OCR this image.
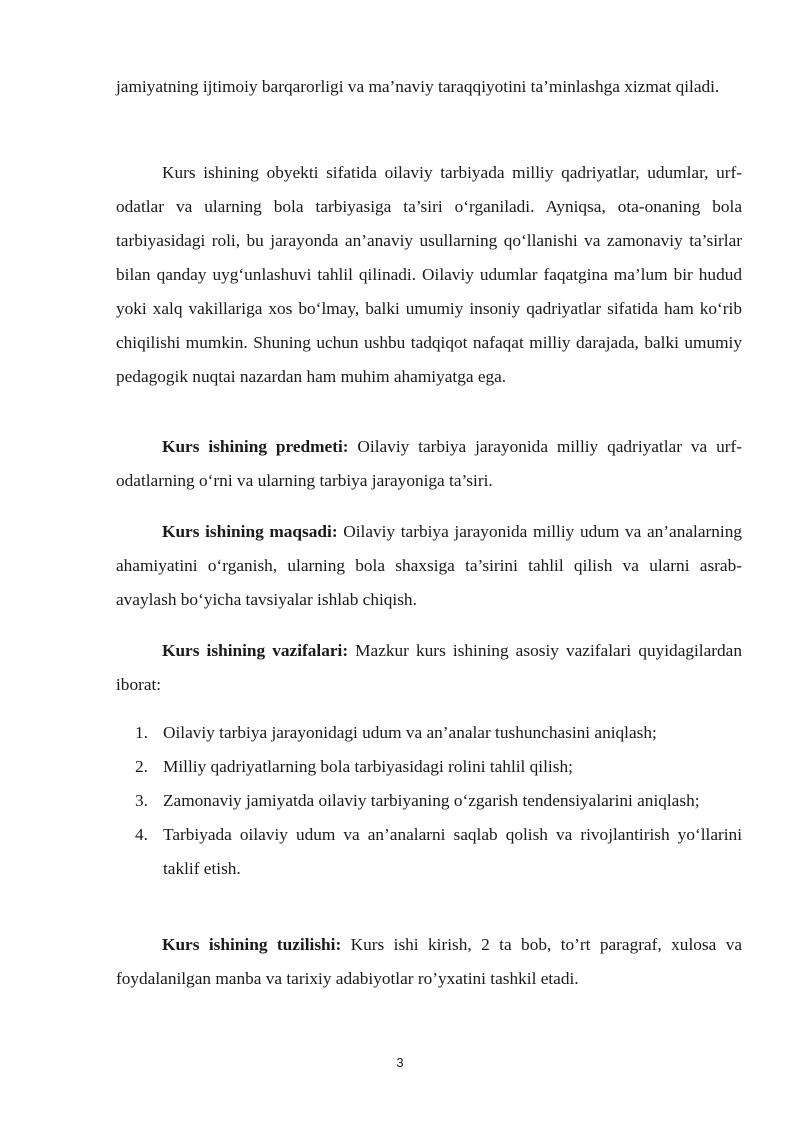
jamiyatning ijtimoiy barqarorligi va ma’naviy taraqqiyotini ta’minlashga xizmat qiladi.

Kurs ishining obyekti sifatida oilaviy tarbiyada milliy qadriyatlar, udumlar, urf-odatlar va ularning bola tarbiyasiga ta’siri o‘rganiladi. Ayniqsa, ota-onaning bola tarbiyasidagi roli, bu jarayonda an’anaviy usullarning qo‘llanishi va zamonaviy ta’sirlar bilan qanday uyg‘unlashuvi tahlil qilinadi. Oilaviy udumlar faqatgina ma’lum bir hudud yoki xalq vakillariga xos bo‘lmay, balki umumiy insoniy qadriyatlar sifatida ham ko‘rib chiqilishi mumkin. Shuning uchun ushbu tadqiqot nafaqat milliy darajada, balki umumiy pedagogik nuqtai nazardan ham muhim ahamiyatga ega.

Kurs ishining predmeti: Oilaviy tarbiya jarayonida milliy qadriyatlar va urf-odatlarning o‘rni va ularning tarbiya jarayoniga ta’siri.

Kurs ishining maqsadi: Oilaviy tarbiya jarayonida milliy udum va an’analarning ahamiyatini o‘rganish, ularning bola shaxsiga ta’sirini tahlil qilish va ularni asrab-avaylash bo‘yicha tavsiyalar ishlab chiqish.

Kurs ishining vazifalari: Mazkur kurs ishining asosiy vazifalari quyidagilardan iborat:

1. Oilaviy tarbiya jarayonidagi udum va an’analar tushunchasini aniqlash;
2. Milliy qadriyatlarning bola tarbiyasidagi rolini tahlil qilish;
3. Zamonaviy jamiyatda oilaviy tarbiyaning o‘zgarish tendensiyalarini aniqlash;
4. Tarbiyada oilaviy udum va an’analarni saqlab qolish va rivojlantirish yo‘llarini taklif etish.

Kurs ishining tuzilishi: Kurs ishi kirish, 2 ta bob, to’rt paragraf, xulosa va foydalanilgan manba va tarixiy adabiyotlar ro’yxatini tashkil etadi.

3
